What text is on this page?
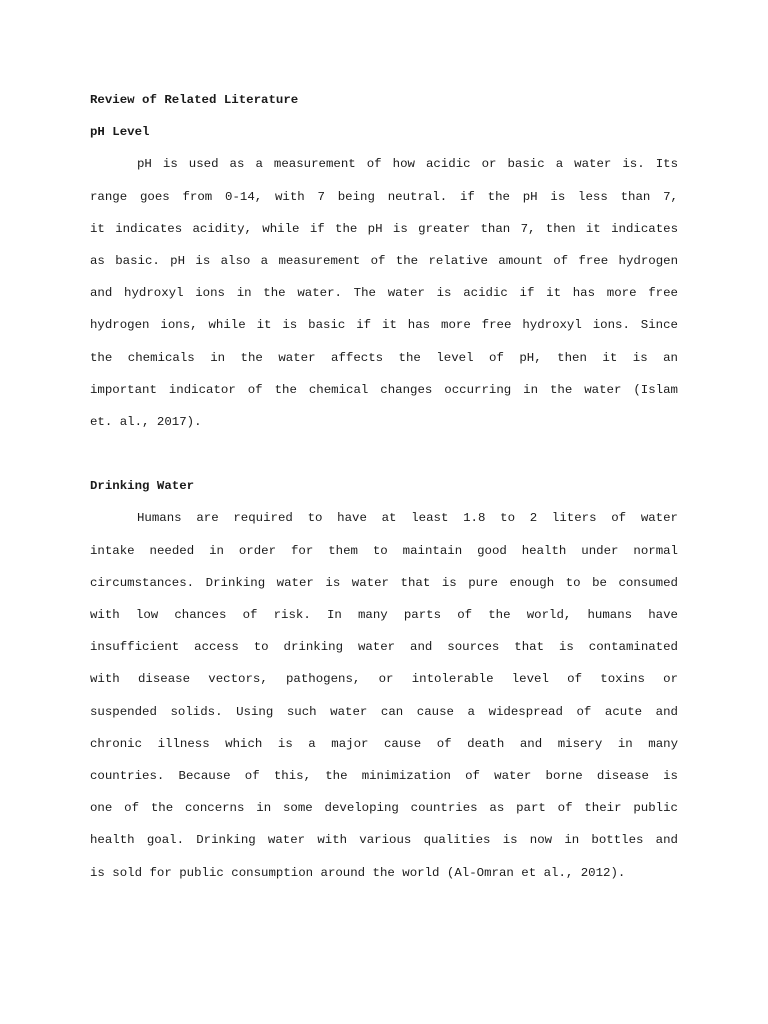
Review of Related Literature
pH Level
pH is used as a measurement of how acidic or basic a water is. Its
range goes from 0-14, with 7 being neutral. if the pH is less than 7,
it indicates acidity, while if the pH is greater than 7, then it indicates
as basic. pH is also a measurement of the relative amount of free hydrogen
and hydroxyl ions in the water. The water is acidic if it has more free
hydrogen ions, while it is basic if it has more free hydroxyl ions. Since
the chemicals in the water affects the level of pH, then it is an
important indicator of the chemical changes occurring in the water (Islam
et. al., 2017).
Drinking Water
Humans are required to have at least 1.8 to 2 liters of water
intake needed in order for them to maintain good health under normal
circumstances. Drinking water is water that is pure enough to be consumed
with low chances of risk. In many parts of the world, humans have
insufficient access to drinking water and sources that is contaminated
with disease vectors, pathogens, or intolerable level of toxins or
suspended solids. Using such water can cause a widespread of acute and
chronic illness which is a major cause of death and misery in many
countries. Because of this, the minimization of water borne disease is
one of the concerns in some developing countries as part of their public
health goal. Drinking water with various qualities is now in bottles and
is sold for public consumption around the world (Al-Omran et al., 2012).
